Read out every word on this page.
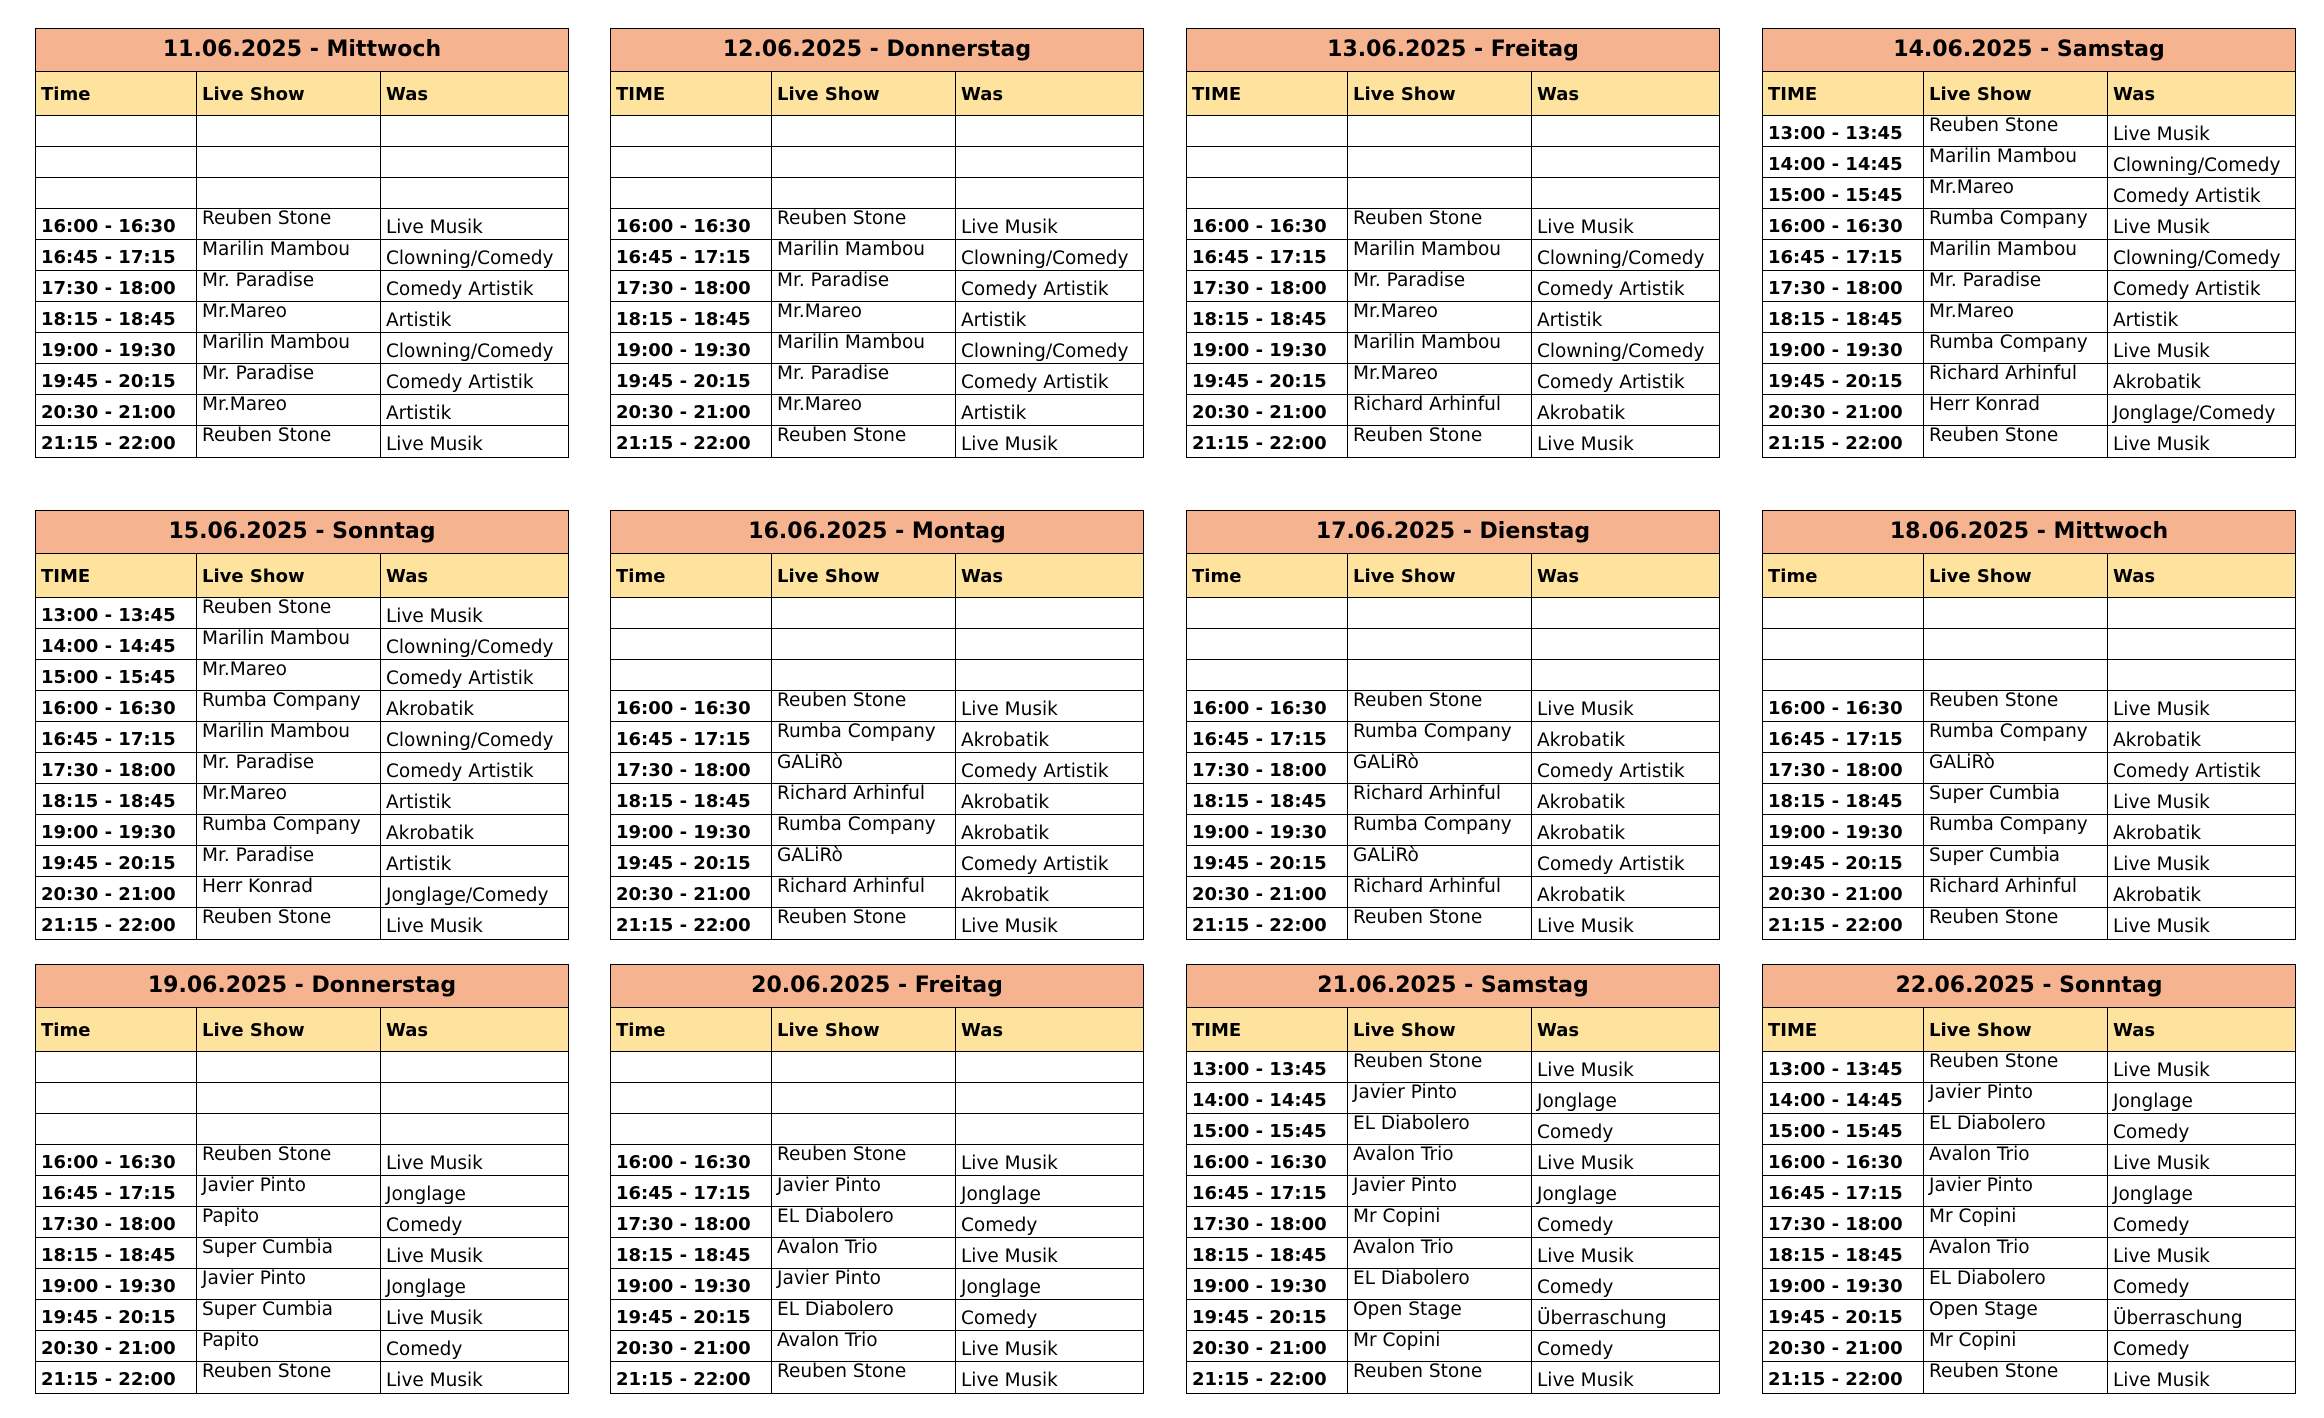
11.06.2025 - Mittwoch
Time	Live Show	Was
16:00 - 16:30	Reuben Stone	Live Musik
16:45 - 17:15	Marilin Mambou	Clowning/Comedy
17:30 - 18:00	Mr. Paradise	Comedy Artistik
18:15 - 18:45	Mr.Mareo	Artistik
19:00 - 19:30	Marilin Mambou	Clowning/Comedy
19:45 - 20:15	Mr. Paradise	Comedy Artistik
20:30 - 21:00	Mr.Mareo	Artistik
21:15 - 22:00	Reuben Stone	Live Musik
12.06.2025 - Donnerstag
TIME	Live Show	Was
16:00 - 16:30	Reuben Stone	Live Musik
16:45 - 17:15	Marilin Mambou	Clowning/Comedy
17:30 - 18:00	Mr. Paradise	Comedy Artistik
18:15 - 18:45	Mr.Mareo	Artistik
19:00 - 19:30	Marilin Mambou	Clowning/Comedy
19:45 - 20:15	Mr. Paradise	Comedy Artistik
20:30 - 21:00	Mr.Mareo	Artistik
21:15 - 22:00	Reuben Stone	Live Musik
13.06.2025 - Freitag
TIME	Live Show	Was
16:00 - 16:30	Reuben Stone	Live Musik
16:45 - 17:15	Marilin Mambou	Clowning/Comedy
17:30 - 18:00	Mr. Paradise	Comedy Artistik
18:15 - 18:45	Mr.Mareo	Artistik
19:00 - 19:30	Marilin Mambou	Clowning/Comedy
19:45 - 20:15	Mr.Mareo	Comedy Artistik
20:30 - 21:00	Richard Arhinful	Akrobatik
21:15 - 22:00	Reuben Stone	Live Musik
14.06.2025 - Samstag
TIME	Live Show	Was
13:00 - 13:45	Reuben Stone	Live Musik
14:00 - 14:45	Marilin Mambou	Clowning/Comedy
15:00 - 15:45	Mr.Mareo	Comedy Artistik
16:00 - 16:30	Rumba Company	Live Musik
16:45 - 17:15	Marilin Mambou	Clowning/Comedy
17:30 - 18:00	Mr. Paradise	Comedy Artistik
18:15 - 18:45	Mr.Mareo	Artistik
19:00 - 19:30	Rumba Company	Live Musik
19:45 - 20:15	Richard Arhinful	Akrobatik
20:30 - 21:00	Herr Konrad	Jonglage/Comedy
21:15 - 22:00	Reuben Stone	Live Musik
15.06.2025 - Sonntag
TIME	Live Show	Was
13:00 - 13:45	Reuben Stone	Live Musik
14:00 - 14:45	Marilin Mambou	Clowning/Comedy
15:00 - 15:45	Mr.Mareo	Comedy Artistik
16:00 - 16:30	Rumba Company	Akrobatik
16:45 - 17:15	Marilin Mambou	Clowning/Comedy
17:30 - 18:00	Mr. Paradise	Comedy Artistik
18:15 - 18:45	Mr.Mareo	Artistik
19:00 - 19:30	Rumba Company	Akrobatik
19:45 - 20:15	Mr. Paradise	Artistik
20:30 - 21:00	Herr Konrad	Jonglage/Comedy
21:15 - 22:00	Reuben Stone	Live Musik
16.06.2025 - Montag
Time	Live Show	Was
16:00 - 16:30	Reuben Stone	Live Musik
16:45 - 17:15	Rumba Company	Akrobatik
17:30 - 18:00	GALiRò	Comedy Artistik
18:15 - 18:45	Richard Arhinful	Akrobatik
19:00 - 19:30	Rumba Company	Akrobatik
19:45 - 20:15	GALiRò	Comedy Artistik
20:30 - 21:00	Richard Arhinful	Akrobatik
21:15 - 22:00	Reuben Stone	Live Musik
17.06.2025 - Dienstag
Time	Live Show	Was
16:00 - 16:30	Reuben Stone	Live Musik
16:45 - 17:15	Rumba Company	Akrobatik
17:30 - 18:00	GALiRò	Comedy Artistik
18:15 - 18:45	Richard Arhinful	Akrobatik
19:00 - 19:30	Rumba Company	Akrobatik
19:45 - 20:15	GALiRò	Comedy Artistik
20:30 - 21:00	Richard Arhinful	Akrobatik
21:15 - 22:00	Reuben Stone	Live Musik
18.06.2025 - Mittwoch
Time	Live Show	Was
16:00 - 16:30	Reuben Stone	Live Musik
16:45 - 17:15	Rumba Company	Akrobatik
17:30 - 18:00	GALiRò	Comedy Artistik
18:15 - 18:45	Super Cumbia	Live Musik
19:00 - 19:30	Rumba Company	Akrobatik
19:45 - 20:15	Super Cumbia	Live Musik
20:30 - 21:00	Richard Arhinful	Akrobatik
21:15 - 22:00	Reuben Stone	Live Musik
19.06.2025 - Donnerstag
Time	Live Show	Was
16:00 - 16:30	Reuben Stone	Live Musik
16:45 - 17:15	Javier Pinto	Jonglage
17:30 - 18:00	Papito	Comedy
18:15 - 18:45	Super Cumbia	Live Musik
19:00 - 19:30	Javier Pinto	Jonglage
19:45 - 20:15	Super Cumbia	Live Musik
20:30 - 21:00	Papito	Comedy
21:15 - 22:00	Reuben Stone	Live Musik
20.06.2025 - Freitag
Time	Live Show	Was
16:00 - 16:30	Reuben Stone	Live Musik
16:45 - 17:15	Javier Pinto	Jonglage
17:30 - 18:00	EL Diabolero	Comedy
18:15 - 18:45	Àvalon Trio	Live Musik
19:00 - 19:30	Javier Pinto	Jonglage
19:45 - 20:15	EL Diabolero	Comedy
20:30 - 21:00	Àvalon Trio	Live Musik
21:15 - 22:00	Reuben Stone	Live Musik
21.06.2025 - Samstag
TIME	Live Show	Was
13:00 - 13:45	Reuben Stone	Live Musik
14:00 - 14:45	Javier Pinto	Jonglage
15:00 - 15:45	EL Diabolero	Comedy
16:00 - 16:30	Àvalon Trio	Live Musik
16:45 - 17:15	Javier Pinto	Jonglage
17:30 - 18:00	Mr Copini	Comedy
18:15 - 18:45	Àvalon Trio	Live Musik
19:00 - 19:30	EL Diabolero	Comedy
19:45 - 20:15	Open Stage	Überraschung
20:30 - 21:00	Mr Copini	Comedy
21:15 - 22:00	Reuben Stone	Live Musik
22.06.2025 - Sonntag
TIME	Live Show	Was
13:00 - 13:45	Reuben Stone	Live Musik
14:00 - 14:45	Javier Pinto	Jonglage
15:00 - 15:45	EL Diabolero	Comedy
16:00 - 16:30	Àvalon Trio	Live Musik
16:45 - 17:15	Javier Pinto	Jonglage
17:30 - 18:00	Mr Copini	Comedy
18:15 - 18:45	Àvalon Trio	Live Musik
19:00 - 19:30	EL Diabolero	Comedy
19:45 - 20:15	Open Stage	Überraschung
20:30 - 21:00	Mr Copini	Comedy
21:15 - 22:00	Reuben Stone	Live Musik
